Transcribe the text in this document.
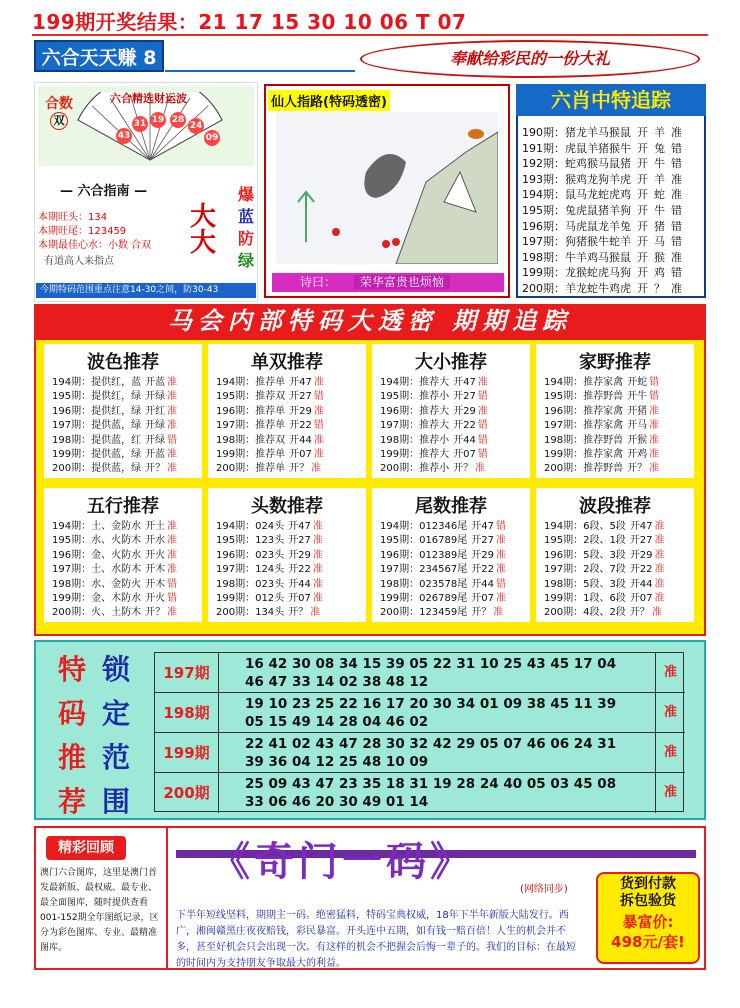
199期开奖结果：21 17 15 30 10 06 T 07
六合天天赚 8	奉献给彩民的一份大礼
合数
双
六合精选财运波
31 19 28
24
43	09
— 六合指南 —
本期旺头：134
本期旺尾：123459
本期最佳心水：小数 合双
有道高人来指点
爆
蓝
防
绿
大
大
今期特码范围重点注意14-30之间，防30-43
仙人指路(特码透密)
诗曰： 荣华富贵也烦恼
六肖中特追踪
190期：猪龙羊马猴鼠 开 羊 准
191期：虎鼠羊猪猴牛 开 兔 错
192期：蛇鸡猴马鼠猪 开 牛 错
193期：猴鸡龙狗羊虎 开 羊 准
194期：鼠马龙蛇虎鸡 开 蛇 准
195期：兔虎鼠猪羊狗 开 牛 错
196期：马虎鼠龙羊兔 开 猪 错
197期：狗猪猴牛蛇羊 开 马 错
198期：牛羊鸡马猴鼠 开 猴 准
199期：龙猴蛇虎马狗 开 鸡 错
200期：羊龙蛇牛鸡虎 开 ？ 准
马会内部特码大透密 期期追踪
波色推荐
194期：提供红，蓝 开蓝 准
195期：提供红，绿 开绿 准
196期：提供红，绿 开红 准
197期：提供蓝，绿 开绿 准
198期：提供蓝，红 开绿 错
199期：提供蓝，绿 开蓝 准
200期：提供蓝，绿 开？ 准
单双推荐
194期：推荐单 开47 准
195期：推荐双 开27 错
196期：推荐单 开29 准
197期：推荐单 开22 错
198期：推荐双 开44 准
199期：推荐单 开07 准
200期：推荐单 开？ 准
大小推荐
194期：推荐大 开47 准
195期：推荐小 开27 错
196期：推荐大 开29 准
197期：推荐大 开22 错
198期：推荐小 开44 错
199期：推荐大 开07 错
200期：推荐小 开？ 准
家野推荐
194期：推荐家禽 开蛇 错
195期：推荐野兽 开牛 错
196期：推荐家禽 开猪 准
197期：推荐家禽 开马 准
198期：推荐野兽 开猴 准
199期：推荐家禽 开鸡 准
200期：推荐野兽 开？ 准
五行推荐
194期：土、金防水 开土 准
195期：水、火防木 开水 准
196期：金、火防水 开火 准
197期：土、水防木 开木 准
198期：水、金防火 开木 错
199期：金、木防水 开火 错
200期：火、土防木 开？ 准
头数推荐
194期：024头 开47 准
195期：123头 开27 准
196期：023头 开29 准
197期：124头 开22 准
198期：023头 开44 准
199期：012头 开07 准
200期：134头 开？ 准
尾数推荐
194期：012346尾 开47 错
195期：016789尾 开27 准
196期：012389尾 开29 准
197期：234567尾 开22 准
198期：023578尾 开44 错
199期：026789尾 开07 准
200期：123459尾 开？ 准
波段推荐
194期：6段、5段 开47 准
195期：2段、1段 开27 准
196期：5段、3段 开29 准
197期：2段、7段 开22 准
198期：5段、3段 开44 准
199期：1段、6段 开07 准
200期：4段、2段 开？ 准
特
码
推
荐
锁
定
范
围
197期	16 42 30 08 34 15 39 05 22 31 10 25 43 45 17 04
46 47 33 14 02 38 48 12
准
198期	19 10 23 25 22 16 17 20 30 34 01 09 38 45 11 39
05 15 49 14 28 04 46 02
准
199期	22 41 02 43 47 28 30 32 42 29 05 07 46 06 24 31
39 36 04 12 25 48 10 09
准
200期	25 09 43 47 23 35 18 31 19 28 24 40 05 03 45 08
33 06 46 20 30 49 01 14
准
精彩回顾
澳门六合图库，这里是澳门首发最新版、最权威、最专业、最全面图库，随时提供查看001-152期全年图纸记录，区分为彩色图库、专业、最精准图库。
《奇门一码》
(网络同步)
下半年短线坚料，期期主一码。绝密猛料，特码宝典权威，18年下半年新版大陆发行。西广，湘闽赣黑庄夜夜赔钱，彩民暴富。开头连中五期，如有钱一赔百倍！人生的机会并不多，甚至好机会只会出现一次。有这样的机会不把握会后悔一辈子的。我们的目标：在最短的时间内为支持朋友争取最大的利益。
货到付款
拆包验货
暴富价:
498元/套!
